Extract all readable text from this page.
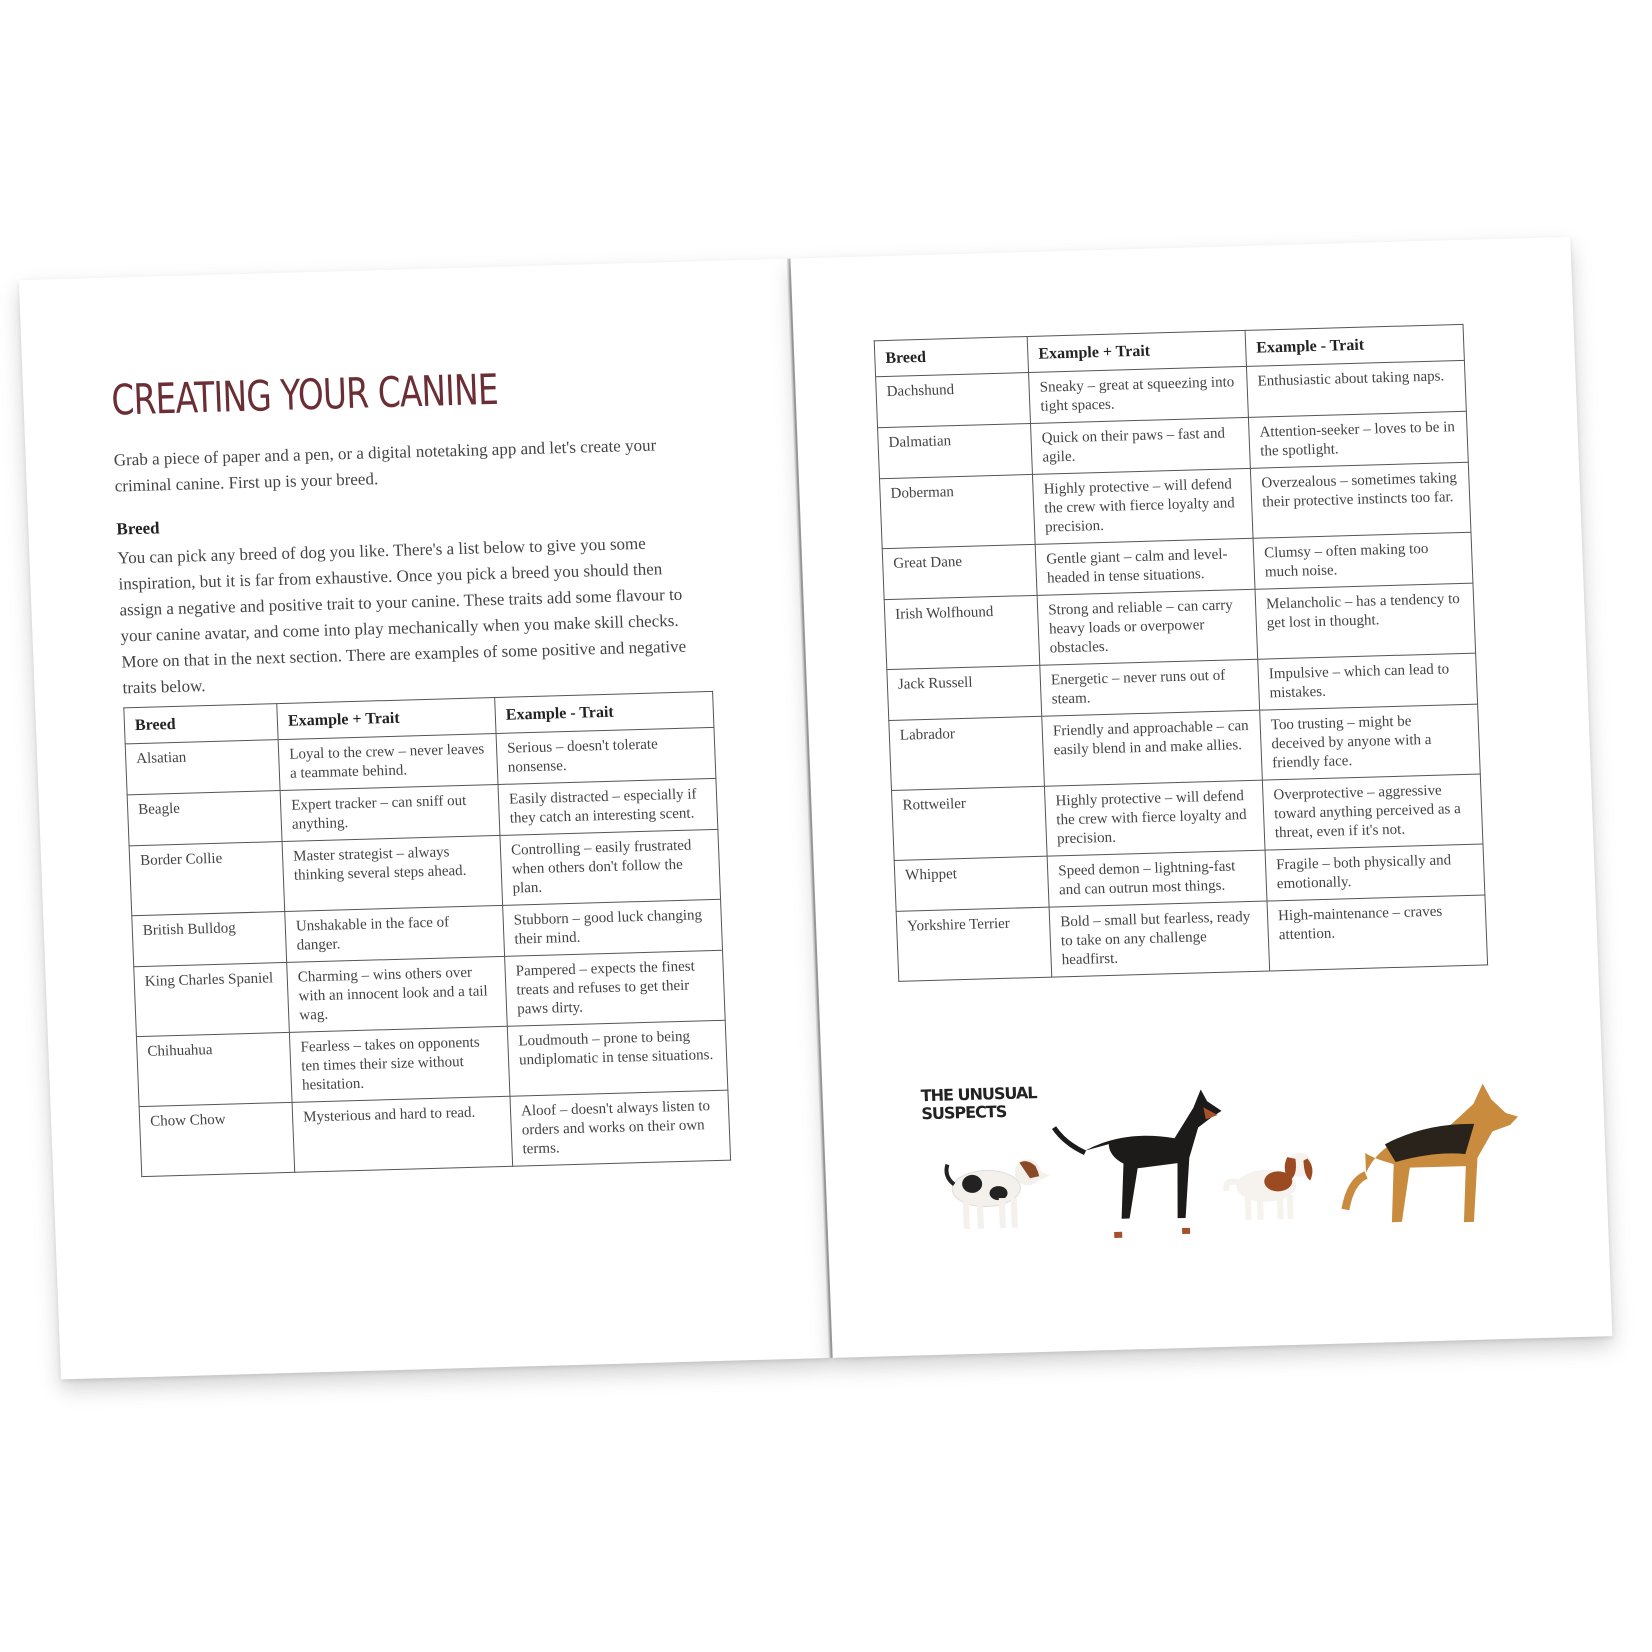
CREATING YOUR CANINE
Grab a piece of paper and a pen, or a digital notetaking app and let's create your criminal canine. First up is your breed.
Breed
You can pick any breed of dog you like. There's a list below to give you some inspiration, but it is far from exhaustive. Once you pick a breed you should then assign a negative and positive trait to your canine. These traits add some flavour to your canine avatar, and come into play mechanically when you make skill checks. More on that in the next section. There are examples of some positive and negative traits below.
Breed	Example + Trait	Example - Trait
Alsatian	Loyal to the crew – never leaves a teammate behind.	Serious – doesn't tolerate nonsense.
Beagle	Expert tracker – can sniff out anything.	Easily distracted – especially if they catch an interesting scent.
Border Collie	Master strategist – always thinking several steps ahead.	Controlling – easily frustrated when others don't follow the plan.
British Bulldog	Unshakable in the face of danger.	Stubborn – good luck changing their mind.
King Charles Spaniel	Charming – wins others over with an innocent look and a tail wag.	Pampered – expects the finest treats and refuses to get their paws dirty.
Chihuahua	Fearless – takes on opponents ten times their size without hesitation.	Loudmouth – prone to being undiplomatic in tense situations.
Chow Chow	Mysterious and hard to read.	Aloof – doesn't always listen to orders and works on their own terms.
Breed	Example + Trait	Example - Trait
Dachshund	Sneaky – great at squeezing into tight spaces.	Enthusiastic about taking naps.
Dalmatian	Quick on their paws – fast and agile.	Attention-seeker – loves to be in the spotlight.
Doberman	Highly protective – will defend the crew with fierce loyalty and precision.	Overzealous – sometimes taking their protective instincts too far.
Great Dane	Gentle giant – calm and level-headed in tense situations.	Clumsy – often making too much noise.
Irish Wolfhound	Strong and reliable – can carry heavy loads or overpower obstacles.	Melancholic – has a tendency to get lost in thought.
Jack Russell	Energetic – never runs out of steam.	Impulsive – which can lead to mistakes.
Labrador	Friendly and approachable – can easily blend in and make allies.	Too trusting – might be deceived by anyone with a friendly face.
Rottweiler	Highly protective – will defend the crew with fierce loyalty and precision.	Overprotective – aggressive toward anything perceived as a threat, even if it's not.
Whippet	Speed demon – lightning-fast and can outrun most things.	Fragile – both physically and emotionally.
Yorkshire Terrier	Bold – small but fearless, ready to take on any challenge headfirst.	High-maintenance – craves attention.
THE UNUSUAL
SUSPECTS
